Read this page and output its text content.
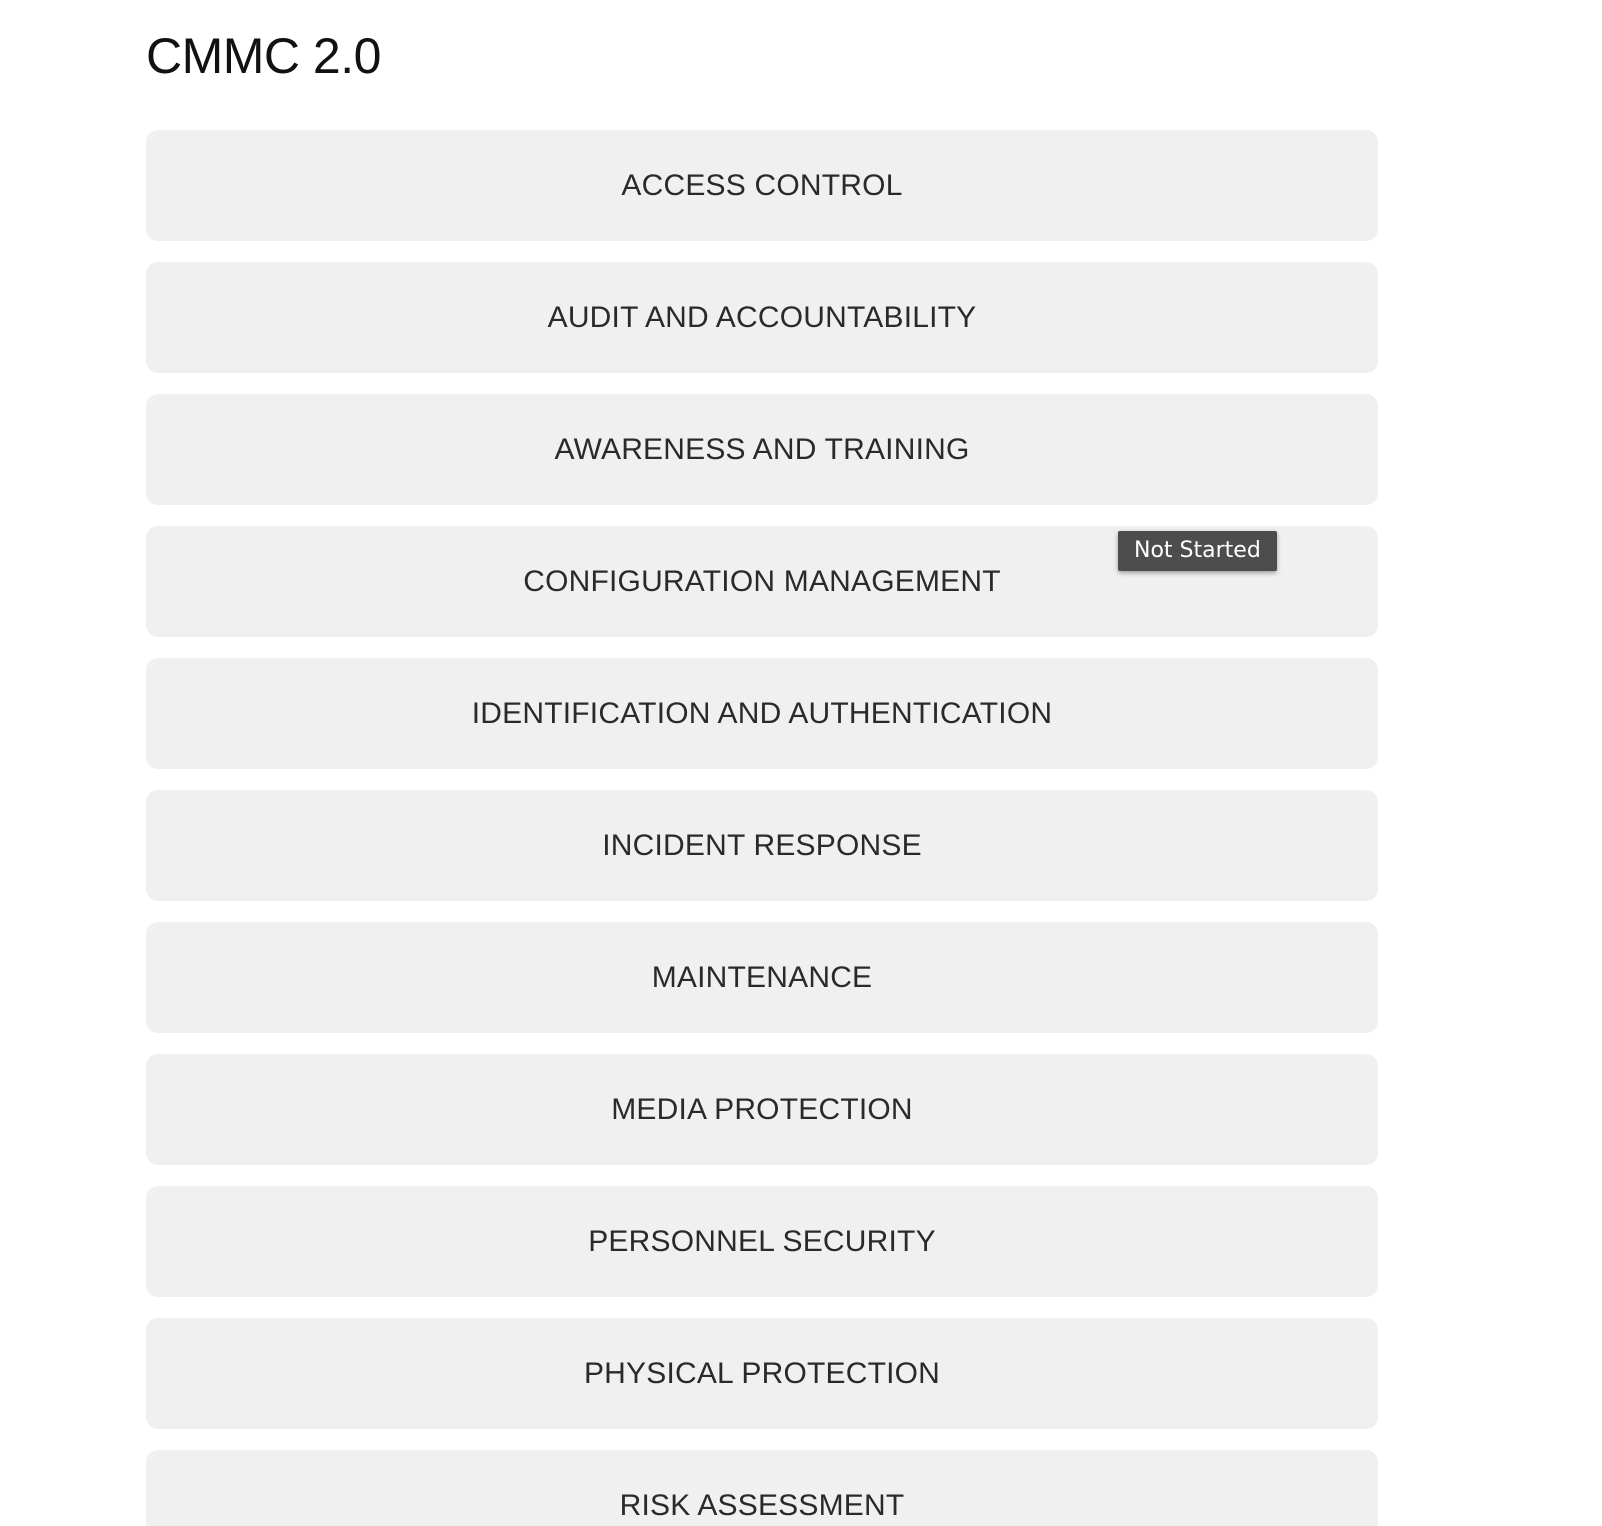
CMMC 2.0
ACCESS CONTROL
AUDIT AND ACCOUNTABILITY
AWARENESS AND TRAINING
CONFIGURATION MANAGEMENT
IDENTIFICATION AND AUTHENTICATION
INCIDENT RESPONSE
MAINTENANCE
MEDIA PROTECTION
PERSONNEL SECURITY
PHYSICAL PROTECTION
RISK ASSESSMENT
Not Started
